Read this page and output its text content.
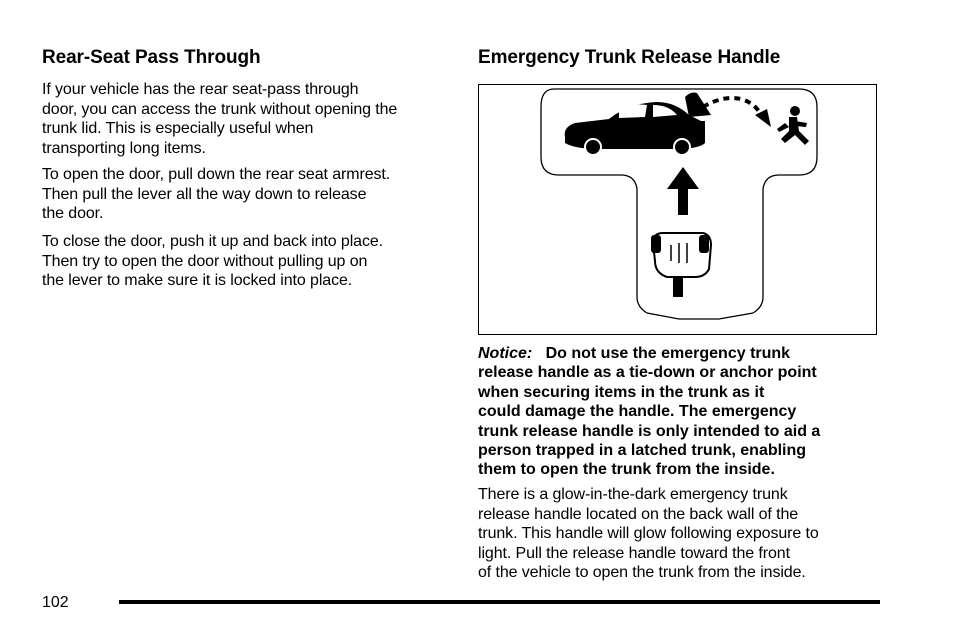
Rear-Seat Pass Through

If your vehicle has the rear seat-pass through
door, you can access the trunk without opening the
trunk lid. This is especially useful when
transporting long items.

To open the door, pull down the rear seat armrest.
Then pull the lever all the way down to release
the door.

To close the door, push it up and back into place.
Then try to open the door without pulling up on
the lever to make sure it is locked into place.

Emergency Trunk Release Handle

Notice: Do not use the emergency trunk
release handle as a tie-down or anchor point
when securing items in the trunk as it
could damage the handle. The emergency
trunk release handle is only intended to aid a
person trapped in a latched trunk, enabling
them to open the trunk from the inside.

There is a glow-in-the-dark emergency trunk
release handle located on the back wall of the
trunk. This handle will glow following exposure to
light. Pull the release handle toward the front
of the vehicle to open the trunk from the inside.

102
